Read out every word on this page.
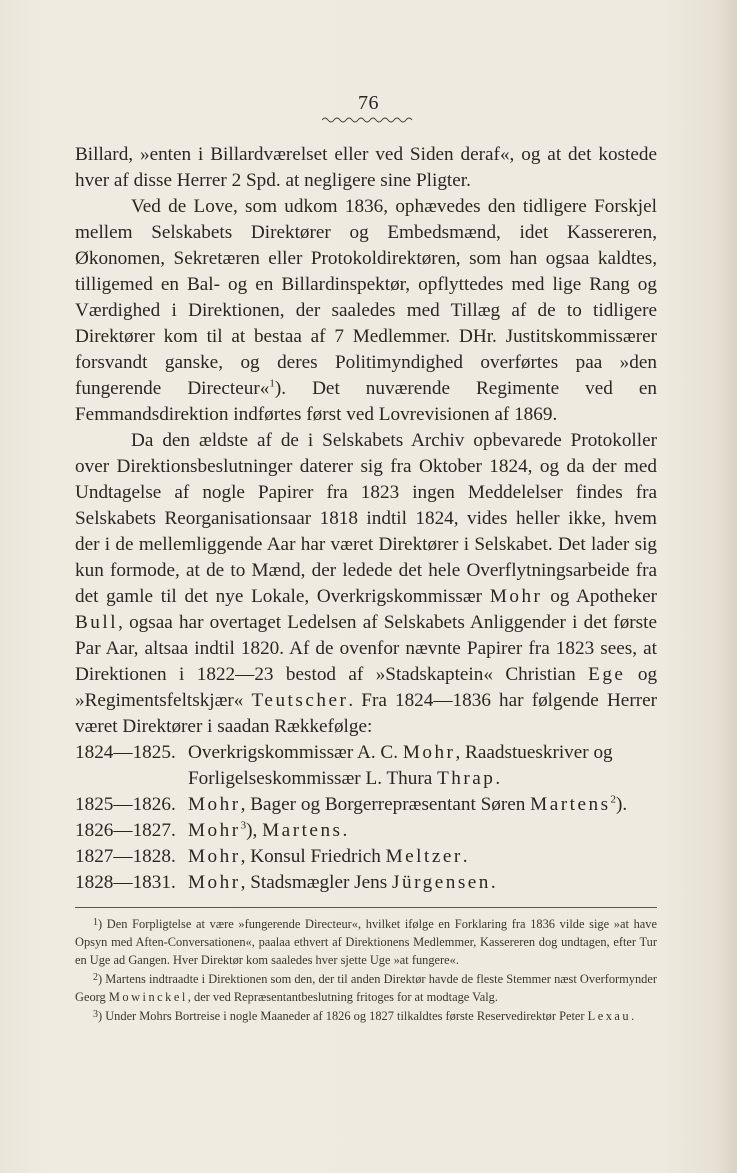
76

Billard, »enten i Billardværelset eller ved Siden deraf«, og at det kostede hver af disse Herrer 2 Spd. at negligere sine Pligter.

Ved de Love, som udkom 1836, ophævedes den tidligere Forskjel mellem Selskabets Direktører og Embedsmænd, idet Kassereren, Økonomen, Sekretæren eller Protokoldirektøren, som han ogsaa kaldtes, tilligemed en Bal- og en Billardinspektør, opflyttedes med lige Rang og Værdighed i Direktionen, der saaledes med Tillæg af de to tidligere Direktører kom til at bestaa af 7 Medlemmer. DHr. Justitskommissærer forsvandt ganske, og deres Politimyndighed overførtes paa »den fungerende Directeur«$^1$). Det nuværende Regimente ved en Femmandsdirektion indførtes først ved Lovrevisionen af 1869.

Da den ældste af de i Selskabets Archiv opbevarede Protokoller over Direktionsbeslutninger daterer sig fra Oktober 1824, og da der med Undtagelse af nogle Papirer fra 1823 ingen Meddelelser findes fra Selskabets Reorganisationsaar 1818 indtil 1824, vides heller ikke, hvem der i de mellemliggende Aar har været Direktører i Selskabet. Det lader sig kun formode, at de to Mænd, der ledede det hele Overflytningsarbeide fra det gamle til det nye Lokale, Overkrigskommissær Mohr og Apotheker Bull, ogsaa har overtaget Ledelsen af Selskabets Anliggender i det første Par Aar, altsaa indtil 1820. Af de ovenfor nævnte Papirer fra 1823 sees, at Direktionen i 1822—23 bestod af »Stadskaptein« Christian Ege og »Regimentsfeltskjær« Teutscher. Fra 1824—1836 har følgende Herrer været Direktører i saadan Rækkefølge:

1824—1825. Overkrigskommissær A. C. Mohr, Raadstueskriver og Forligelseskommissær L. Thura Thrap.
1825—1826. Mohr, Bager og Borgerrepræsentant Søren Martens$^2$).
1826—1827. Mohr$^3$), Martens.
1827—1828. Mohr, Konsul Friedrich Meltzer.
1828—1831. Mohr, Stadsmægler Jens Jürgensen.

$^1$) Den Forpligtelse at være »fungerende Directeur«, hvilket ifølge en Forklaring fra 1836 vilde sige »at have Opsyn med Aften-Conversationen«, paalaa ethvert af Direktionens Medlemmer, Kassereren dog undtagen, efter Tur en Uge ad Gangen. Hver Direktør kom saaledes hver sjette Uge »at fungere«.

$^2$) Martens indtraadte i Direktionen som den, der til anden Direktør havde de fleste Stemmer næst Overformynder Georg Mowinckel, der ved Repræsentantbeslutning fritoges for at modtage Valg.

$^3$) Under Mohrs Bortreise i nogle Maaneder af 1826 og 1827 tilkaldtes første Reservedirektør Peter Lexau.
